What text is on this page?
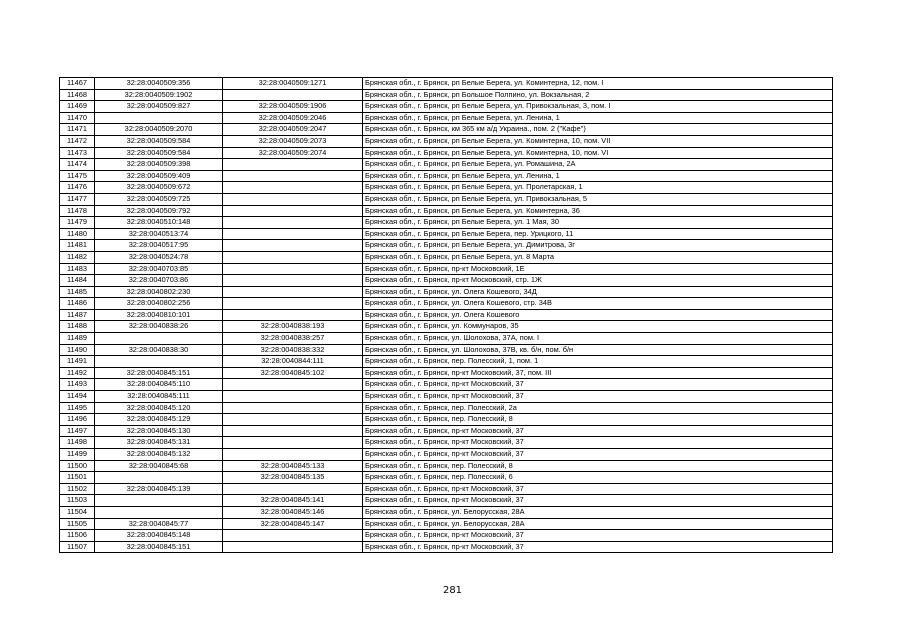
11467	32:28:0040509:356	32:28:0040509:1271	Брянская обл., г. Брянск, рп Белые Берега, ул. Коминтерна, 12, пом. I
11468	32:28:0040509:1902		Брянская обл., г. Брянск, рп Большое Полпино, ул. Вокзальная, 2
11469	32:28:0040509:827	32:28:0040509:1906	Брянская обл., г. Брянск, рп Белые Берега, ул. Привокзальная, 3, пом. I
11470		32:28:0040509:2046	Брянская обл., г. Брянск, рп Белые Берега, ул. Ленина, 1
11471	32:28:0040509:2070	32:28:0040509:2047	Брянская обл., г. Брянск, км 365 км а/д Украина., пом. 2 ("Кафе")
11472	32:28:0040509:584	32:28:0040509:2073	Брянская обл., г. Брянск, рп Белые Берега, ул. Коминтерна, 10, пом. VII
11473	32:28:0040509:584	32:28:0040509:2074	Брянская обл., г. Брянск, рп Белые Берега, ул. Коминтерна, 10, пом. VI
11474	32:28:0040509:398		Брянская обл., г. Брянск, рп Белые Берега, ул. Ромашина, 2А
11475	32:28:0040509:409		Брянская обл., г. Брянск, рп Белые Берега, ул. Ленина, 1
11476	32:28:0040509:672		Брянская обл., г. Брянск, рп Белые Берега, ул. Пролетарская, 1
11477	32:28:0040509:725		Брянская обл., г. Брянск, рп Белые Берега, ул. Привокзальная, 5
11478	32:28:0040509:792		Брянская обл., г. Брянск, рп Белые Берега, ул. Коминтерна, 36
11479	32:28:0040510:148		Брянская обл., г. Брянск, рп Белые Берега, ул. 1 Мая, 30
11480	32:28:0040513:74		Брянская обл., г. Брянск, рп Белые Берега, пер. Урицкого, 11
11481	32:28:0040517:95		Брянская обл., г. Брянск, рп Белые Берега, ул. Димитрова, 3г
11482	32:28:0040524:78		Брянская обл., г. Брянск, рп Белые Берега, ул. 8 Марта
11483	32:28:0040703:85		Брянская обл., г. Брянск, пр-кт Московский, 1Е
11484	32:28:0040703:86		Брянская обл., г. Брянск, пр-кт Московский, стр. 1Ж
11485	32:28:0040802:230		Брянская обл., г. Брянск, ул. Олега Кошевого, 34Д
11486	32:28:0040802:256		Брянская обл., г. Брянск, ул. Олега Кошевого, стр. 34В
11487	32:28:0040810:101		Брянская обл., г. Брянск, ул. Олега Кошевого
11488	32:28:0040838:26	32:28:0040838:193	Брянская обл., г. Брянск, ул. Коммунаров, 35
11489		32:28:0040838:257	Брянская обл., г. Брянск, ул. Шолохова, 37А, пом. I
11490	32:28:0040838:30	32:28:0040838:332	Брянская обл., г. Брянск, ул. Шолохова, 37В, кв. б/н, пом. б/н
11491		32:28:0040844:111	Брянская обл., г. Брянск, пер. Полесский, 1, пом. 1
11492	32:28:0040845:151	32:28:0040845:102	Брянская обл., г. Брянск, пр-кт Московский, 37, пом. III
11493	32:28:0040845:110		Брянская обл., г. Брянск, пр-кт Московский, 37
11494	32:28:0040845:111		Брянская обл., г. Брянск, пр-кт Московский, 37
11495	32:28:0040845:120		Брянская обл., г. Брянск, пер. Полесский, 2а
11496	32:28:0040845:129		Брянская обл., г. Брянск, пер. Полесский, 8
11497	32:28:0040845:130		Брянская обл., г. Брянск, пр-кт Московский, 37
11498	32:28:0040845:131		Брянская обл., г. Брянск, пр-кт Московский, 37
11499	32:28:0040845:132		Брянская обл., г. Брянск, пр-кт Московский, 37
11500	32:28:0040845:68	32:28:0040845:133	Брянская обл., г. Брянск, пер. Полесский, 8
11501		32:28:0040845:135	Брянская обл., г. Брянск, пер. Полесский, 6
11502	32:28:0040845:139		Брянская обл., г. Брянск, пр-кт Московский, 37
11503		32:28:0040845:141	Брянская обл., г. Брянск, пр-кт Московский, 37
11504		32:28:0040845:146	Брянская обл., г. Брянск, ул. Белорусская, 28А
11505	32:28:0040845:77	32:28:0040845:147	Брянская обл., г. Брянск, ул. Белорусская, 28А
11506	32:28:0040845:148		Брянская обл., г. Брянск, пр-кт Московский, 37
11507	32:28:0040845:151		Брянская обл., г. Брянск, пр-кт Московский, 37
281
